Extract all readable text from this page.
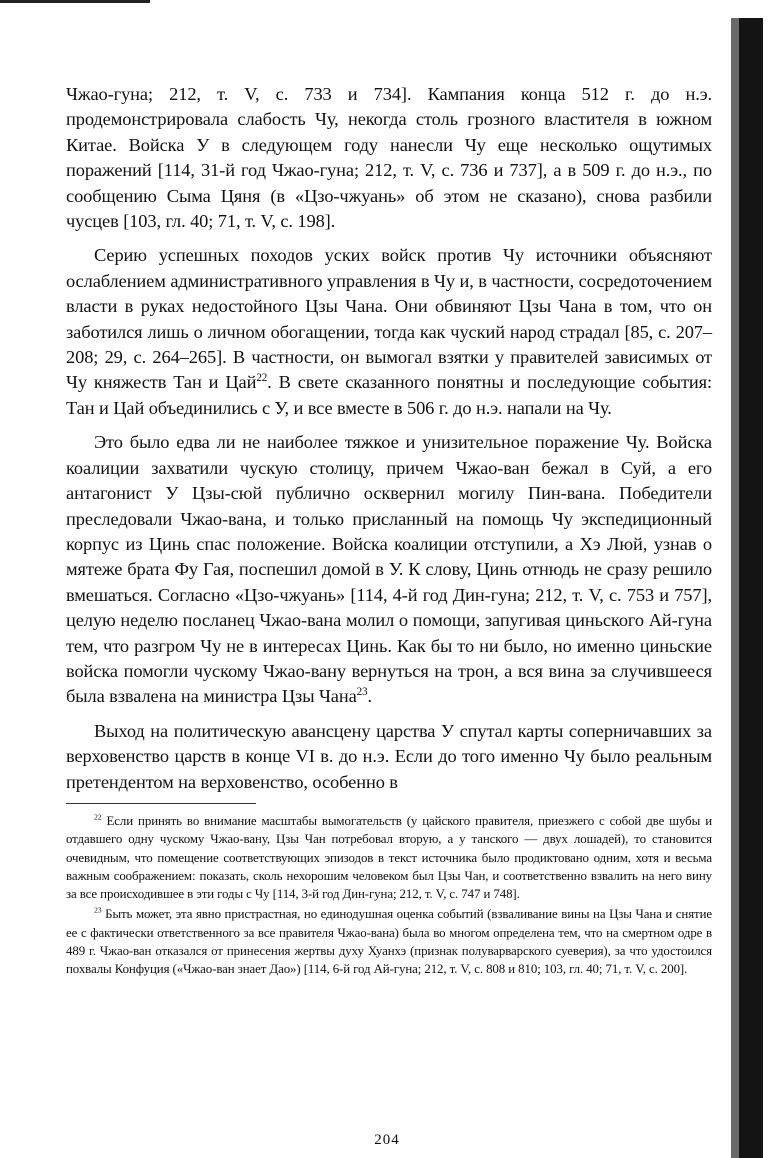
Чжао-гуна; 212, т. V, с. 733 и 734]. Кампания конца 512 г. до н.э. продемонстрировала слабость Чу, некогда столь грозного властителя в южном Китае. Войска У в следующем году нанесли Чу еще несколько ощутимых поражений [114, 31-й год Чжао-гуна; 212, т. V, с. 736 и 737], а в 509 г. до н.э., по сообщению Сыма Цяня (в «Цзо-чжуань» об этом не сказано), снова разбили чусцев [103, гл. 40; 71, т. V, с. 198].

Серию успешных походов уских войск против Чу источники объясняют ослаблением административного управления в Чу и, в частности, сосредоточением власти в руках недостойного Цзы Чана. Они обвиняют Цзы Чана в том, что он заботился лишь о личном обогащении, тогда как чуский народ страдал [85, с. 207–208; 29, с. 264–265]. В частности, он вымогал взятки у правителей зависимых от Чу княжеств Тан и Цай$^{22}$. В свете сказанного понятны и последующие события: Тан и Цай объединились с У, и все вместе в 506 г. до н.э. напали на Чу.

Это было едва ли не наиболее тяжкое и унизительное поражение Чу. Войска коалиции захватили чускую столицу, причем Чжао-ван бежал в Суй, а его антагонист У Цзы-сюй публично осквернил могилу Пин-вана. Победители преследовали Чжао-вана, и только присланный на помощь Чу экспедиционный корпус из Цинь спас положение. Войска коалиции отступили, а Хэ Люй, узнав о мятеже брата Фу Гая, поспешил домой в У. К слову, Цинь отнюдь не сразу решило вмешаться. Согласно «Цзо-чжуань» [114, 4-й год Дин-гуна; 212, т. V, с. 753 и 757], целую неделю посланец Чжао-вана молил о помощи, запугивая циньского Ай-гуна тем, что разгром Чу не в интересах Цинь. Как бы то ни было, но именно циньские войска помогли чускому Чжао-вану вернуться на трон, а вся вина за случившееся была взвалена на министра Цзы Чана$^{23}$.

Выход на политическую авансцену царства У спутал карты соперничавших за верховенство царств в конце VI в. до н.э. Если до того именно Чу было реальным претендентом на верховенство, особенно в

$^{22}$ Если принять во внимание масштабы вымогательств (у цайского правителя, приезжего с собой две шубы и отдавшего одну чускому Чжао-вану, Цзы Чан потребовал вторую, а у танского — двух лошадей), то становится очевидным, что помещение соответствующих эпизодов в текст источника было продиктовано одним, хотя и весьма важным соображением: показать, сколь нехорошим человеком был Цзы Чан, и соответственно взвалить на него вину за все происходившее в эти годы с Чу [114, 3-й год Дин-гуна; 212, т. V, с. 747 и 748].

$^{23}$ Быть может, эта явно пристрастная, но единодушная оценка событий (взваливание вины на Цзы Чана и снятие ее с фактически ответственного за все правителя Чжао-вана) была во многом определена тем, что на смертном одре в 489 г. Чжао-ван отказался от принесения жертвы духу Хуанхэ (признак полуварварского суеверия), за что удостоился похвалы Конфуция («Чжао-ван знает Дао») [114, 6-й год Ай-гуна; 212, т. V, с. 808 и 810; 103, гл. 40; 71, т. V, с. 200].

204
